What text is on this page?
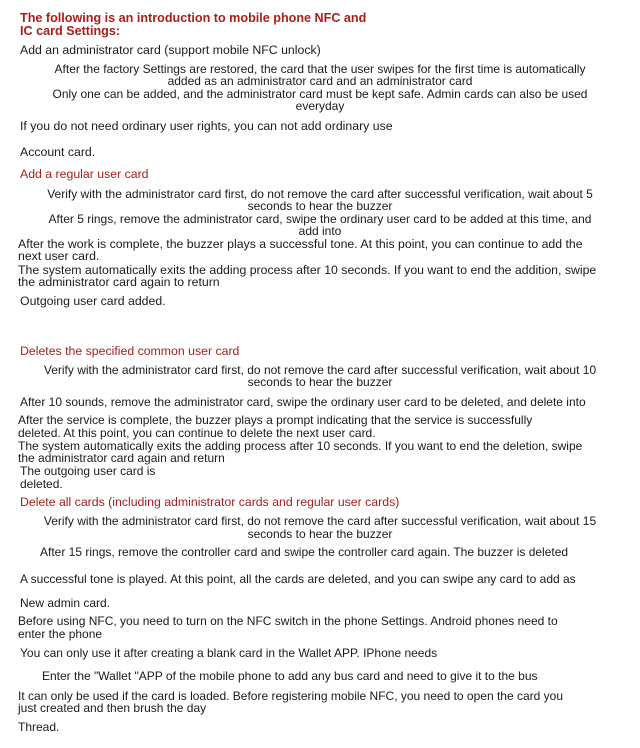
The following is an introduction to mobile phone NFC and
IC card Settings:
Add an administrator card (support mobile NFC unlock)
After the factory Settings are restored, the card that the user swipes for the first time is automatically
added as an administrator card and an administrator card
Only one can be added, and the administrator card must be kept safe. Admin cards can also be used
everyday
If you do not need ordinary user rights, you can not add ordinary use
Account card.
Add a regular user card
Verify with the administrator card first, do not remove the card after successful verification, wait about 5
seconds to hear the buzzer
After 5 rings, remove the administrator card, swipe the ordinary user card to be added at this time, and
add into
After the work is complete, the buzzer plays a successful tone. At this point, you can continue to add the
next user card.
The system automatically exits the adding process after 10 seconds. If you want to end the addition, swipe
the administrator card again to return
Outgoing user card added.
Deletes the specified common user card
Verify with the administrator card first, do not remove the card after successful verification, wait about 10
seconds to hear the buzzer
After 10 sounds, remove the administrator card, swipe the ordinary user card to be deleted, and delete into
After the service is complete, the buzzer plays a prompt indicating that the service is successfully
deleted. At this point, you can continue to delete the next user card.
The system automatically exits the adding process after 10 seconds. If you want to end the deletion, swipe
the administrator card again and return
The outgoing user card is
deleted.
Delete all cards (including administrator cards and regular user cards)
Verify with the administrator card first, do not remove the card after successful verification, wait about 15
seconds to hear the buzzer
After 15 rings, remove the controller card and swipe the controller card again. The buzzer is deleted
A successful tone is played. At this point, all the cards are deleted, and you can swipe any card to add as
New admin card.
Before using NFC, you need to turn on the NFC switch in the phone Settings. Android phones need to
enter the phone
You can only use it after creating a blank card in the Wallet APP. IPhone needs
Enter the "Wallet "APP of the mobile phone to add any bus card and need to give it to the bus
It can only be used if the card is loaded. Before registering mobile NFC, you need to open the card you
just created and then brush the day
Thread.
